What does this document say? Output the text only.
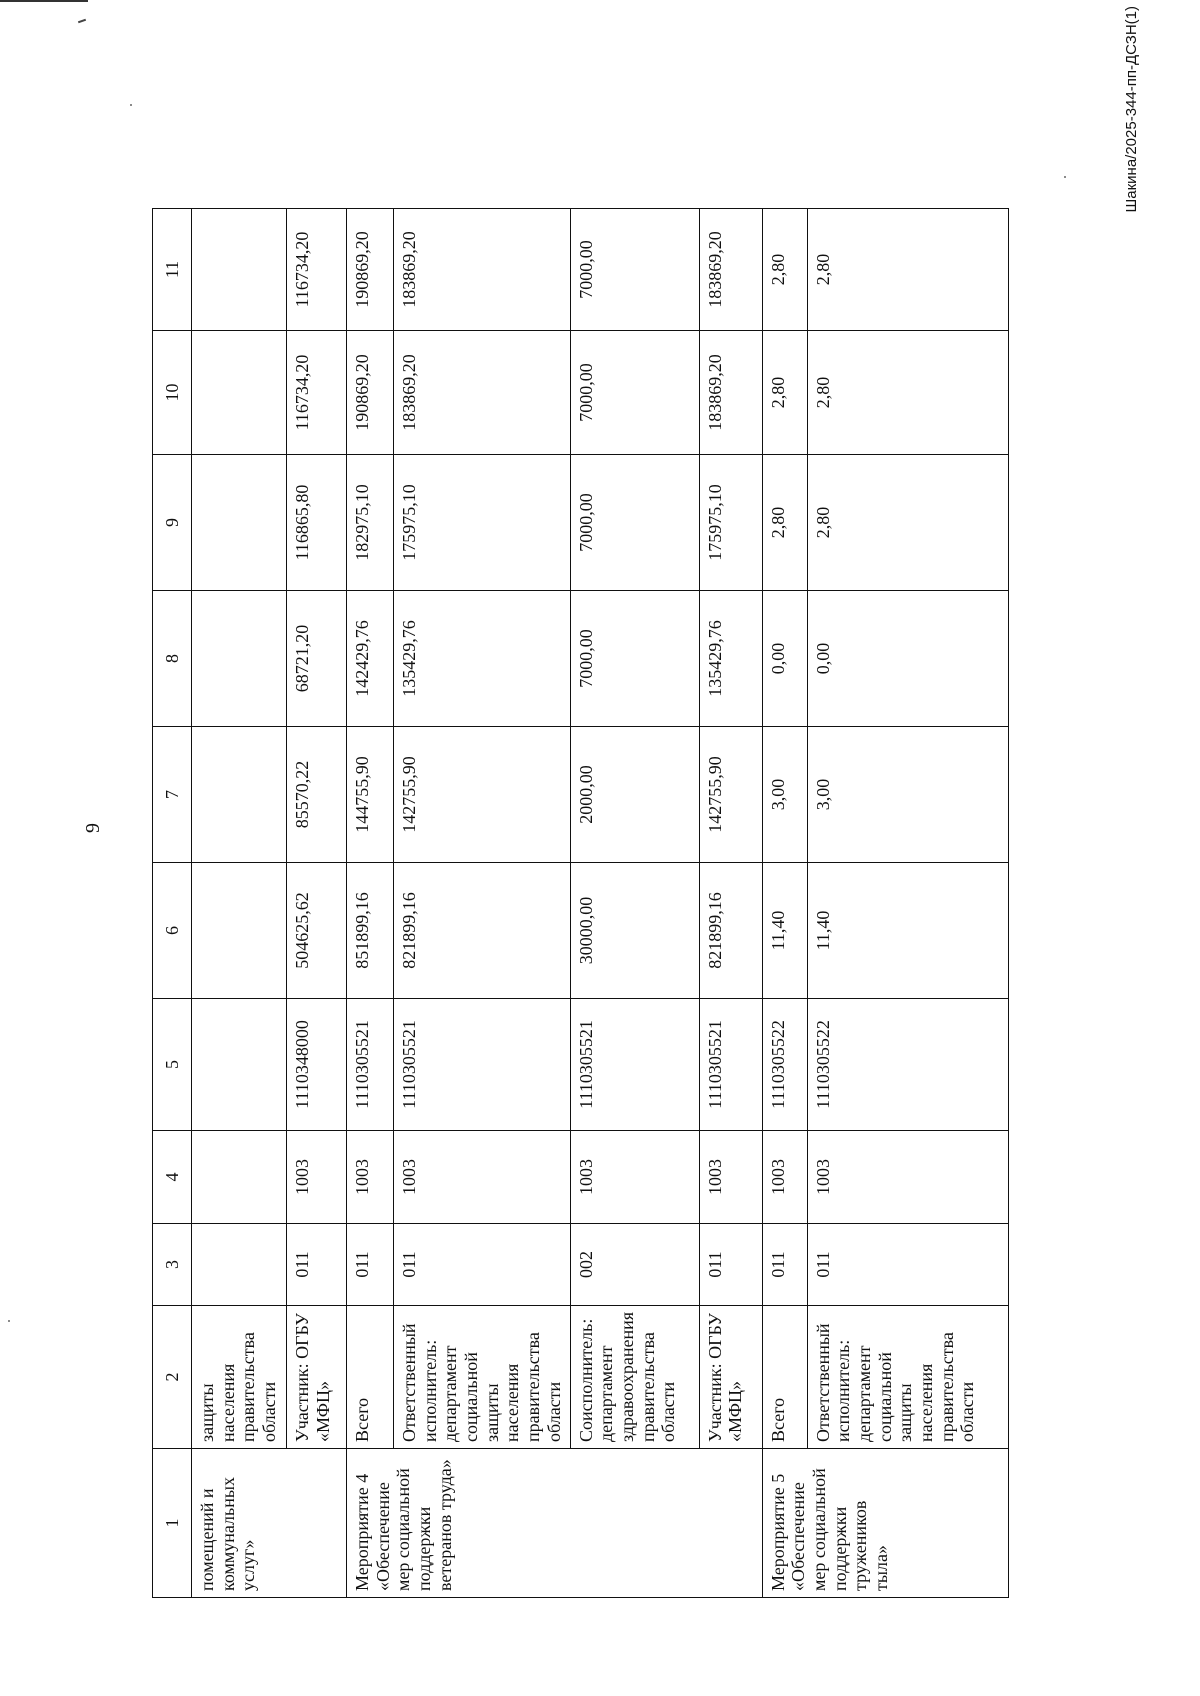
9
Шакина/2025-344-пп-ДСЗН(1)
1	2	3	4	5	6	7	8	9	10	11
помещений и коммунальных услуг»	защиты населения правительства области									
	Участник: ОГБУ «МФЦ»	011	1003	1110348000	504625,62	85570,22	68721,20	116865,80	116734,20	116734,20
Мероприятие 4 «Обеспечение мер социальной поддержки ветеранов труда»	Всего	011	1003	1110305521	851899,16	144755,90	142429,76	182975,10	190869,20	190869,20
	Ответственный исполнитель: департамент социальной защиты населения правительства области	011	1003	1110305521	821899,16	142755,90	135429,76	175975,10	183869,20	183869,20
	Соисполнитель: департамент здравоохранения правительства области	002	1003	1110305521	30000,00	2000,00	7000,00	7000,00	7000,00	7000,00
	Участник: ОГБУ «МФЦ»	011	1003	1110305521	821899,16	142755,90	135429,76	175975,10	183869,20	183869,20
Мероприятие 5 «Обеспечение мер социальной поддержки тружеников тыла»	Всего	011	1003	1110305522	11,40	3,00	0,00	2,80	2,80	2,80
	Ответственный исполнитель: департамент социальной защиты населения правительства области	011	1003	1110305522	11,40	3,00	0,00	2,80	2,80	2,80
